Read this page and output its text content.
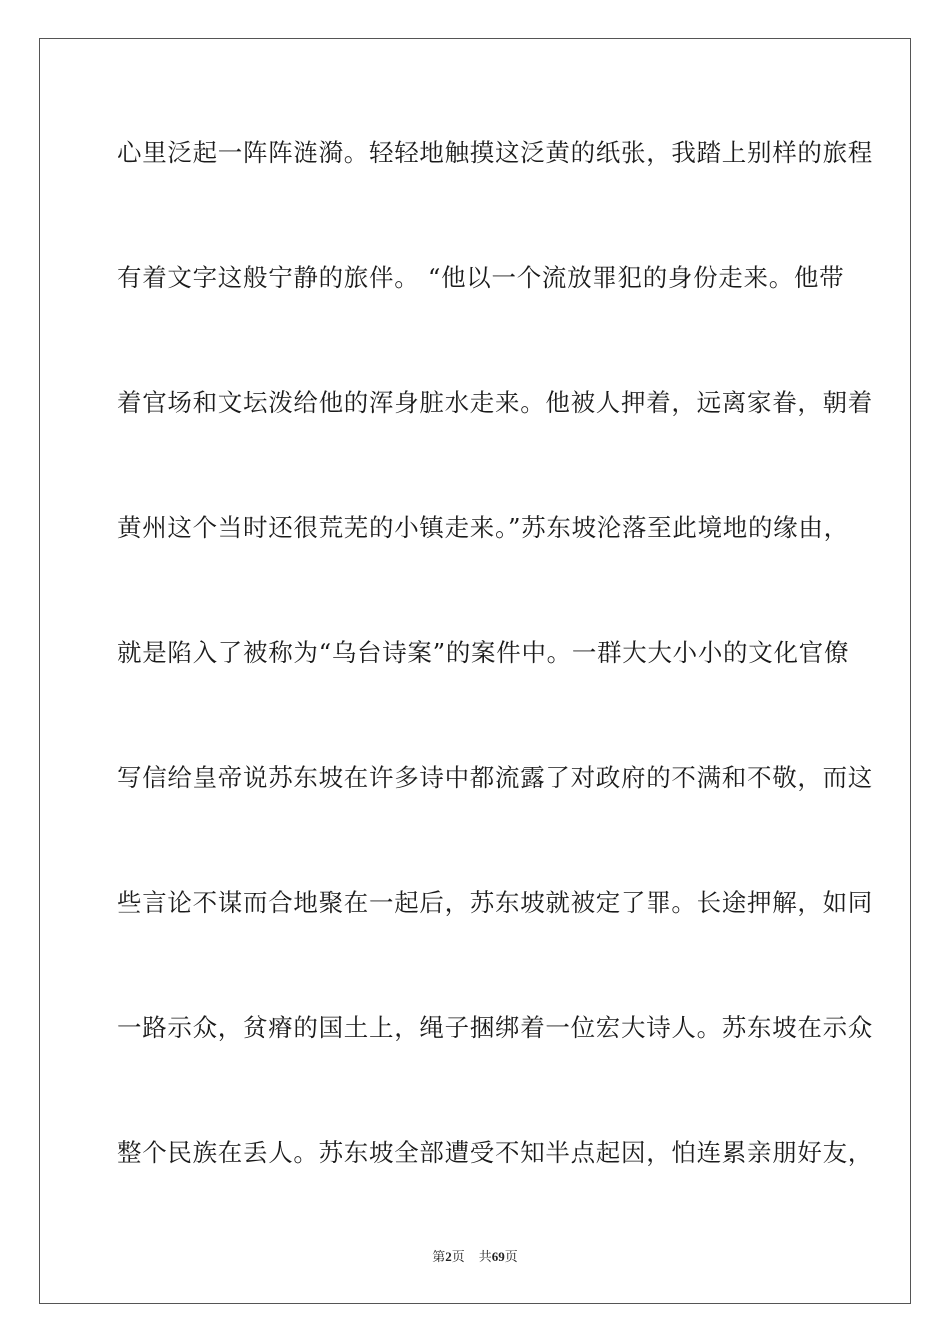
心里泛起一阵阵涟漪。轻轻地触摸这泛黄的纸张，我踏上别样的旅程
有着文字这般宁静的旅伴。 “他以一个流放罪犯的身份走来。他带
着官场和文坛泼给他的浑身脏水走来。他被人押着，远离家眷，朝着
黄州这个当时还很荒芜的小镇走来。”苏东坡沦落至此境地的缘由，
就是陷入了被称为“乌台诗案”的案件中。一群大大小小的文化官僚
写信给皇帝说苏东坡在许多诗中都流露了对政府的不满和不敬，而这
些言论不谋而合地聚在一起后，苏东坡就被定了罪。长途押解，如同
一路示众，贫瘠的国土上，绳子捆绑着一位宏大诗人。苏东坡在示众
整个民族在丢人。苏东坡全部遭受不知半点起因，怕连累亲朋好友，
第2页 共69页
